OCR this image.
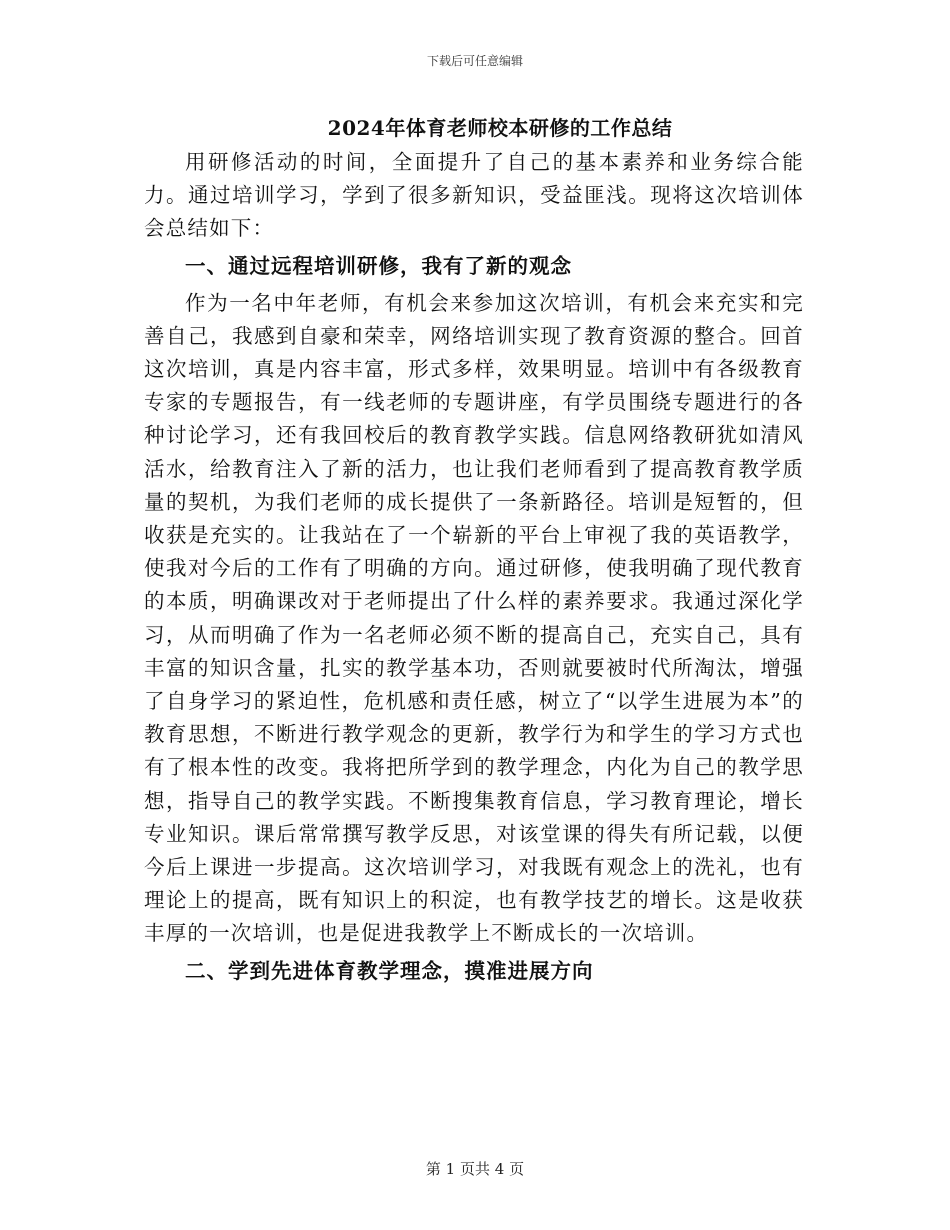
下载后可任意编辑
2024年体育老师校本研修的工作总结

用研修活动的时间，全面提升了自己的基本素养和业务综合能力。通过培训学习，学到了很多新知识，受益匪浅。现将这次培训体会总结如下：

一、通过远程培训研修，我有了新的观念

作为一名中年老师，有机会来参加这次培训，有机会来充实和完善自己，我感到自豪和荣幸，网络培训实现了教育资源的整合。回首这次培训，真是内容丰富，形式多样，效果明显。培训中有各级教育专家的专题报告，有一线老师的专题讲座，有学员围绕专题进行的各种讨论学习，还有我回校后的教育教学实践。信息网络教研犹如清风活水，给教育注入了新的活力，也让我们老师看到了提高教育教学质量的契机，为我们老师的成长提供了一条新路径。培训是短暂的，但收获是充实的。让我站在了一个崭新的平台上审视了我的英语教学，使我对今后的工作有了明确的方向。通过研修，使我明确了现代教育的本质，明确课改对于老师提出了什么样的素养要求。我通过深化学习，从而明确了作为一名老师必须不断的提高自己，充实自己，具有丰富的知识含量，扎实的教学基本功，否则就要被时代所淘汰，增强了自身学习的紧迫性，危机感和责任感，树立了“以学生进展为本”的教育思想，不断进行教学观念的更新，教学行为和学生的学习方式也有了根本性的改变。我将把所学到的教学理念，内化为自己的教学思想，指导自己的教学实践。不断搜集教育信息，学习教育理论，增长专业知识。课后常常撰写教学反思，对该堂课的得失有所记载，以便今后上课进一步提高。这次培训学习，对我既有观念上的洗礼，也有理论上的提高，既有知识上的积淀，也有教学技艺的增长。这是收获丰厚的一次培训，也是促进我教学上不断成长的一次培训。

二、学到先进体育教学理念，摸准进展方向
第 1 页共 4 页
